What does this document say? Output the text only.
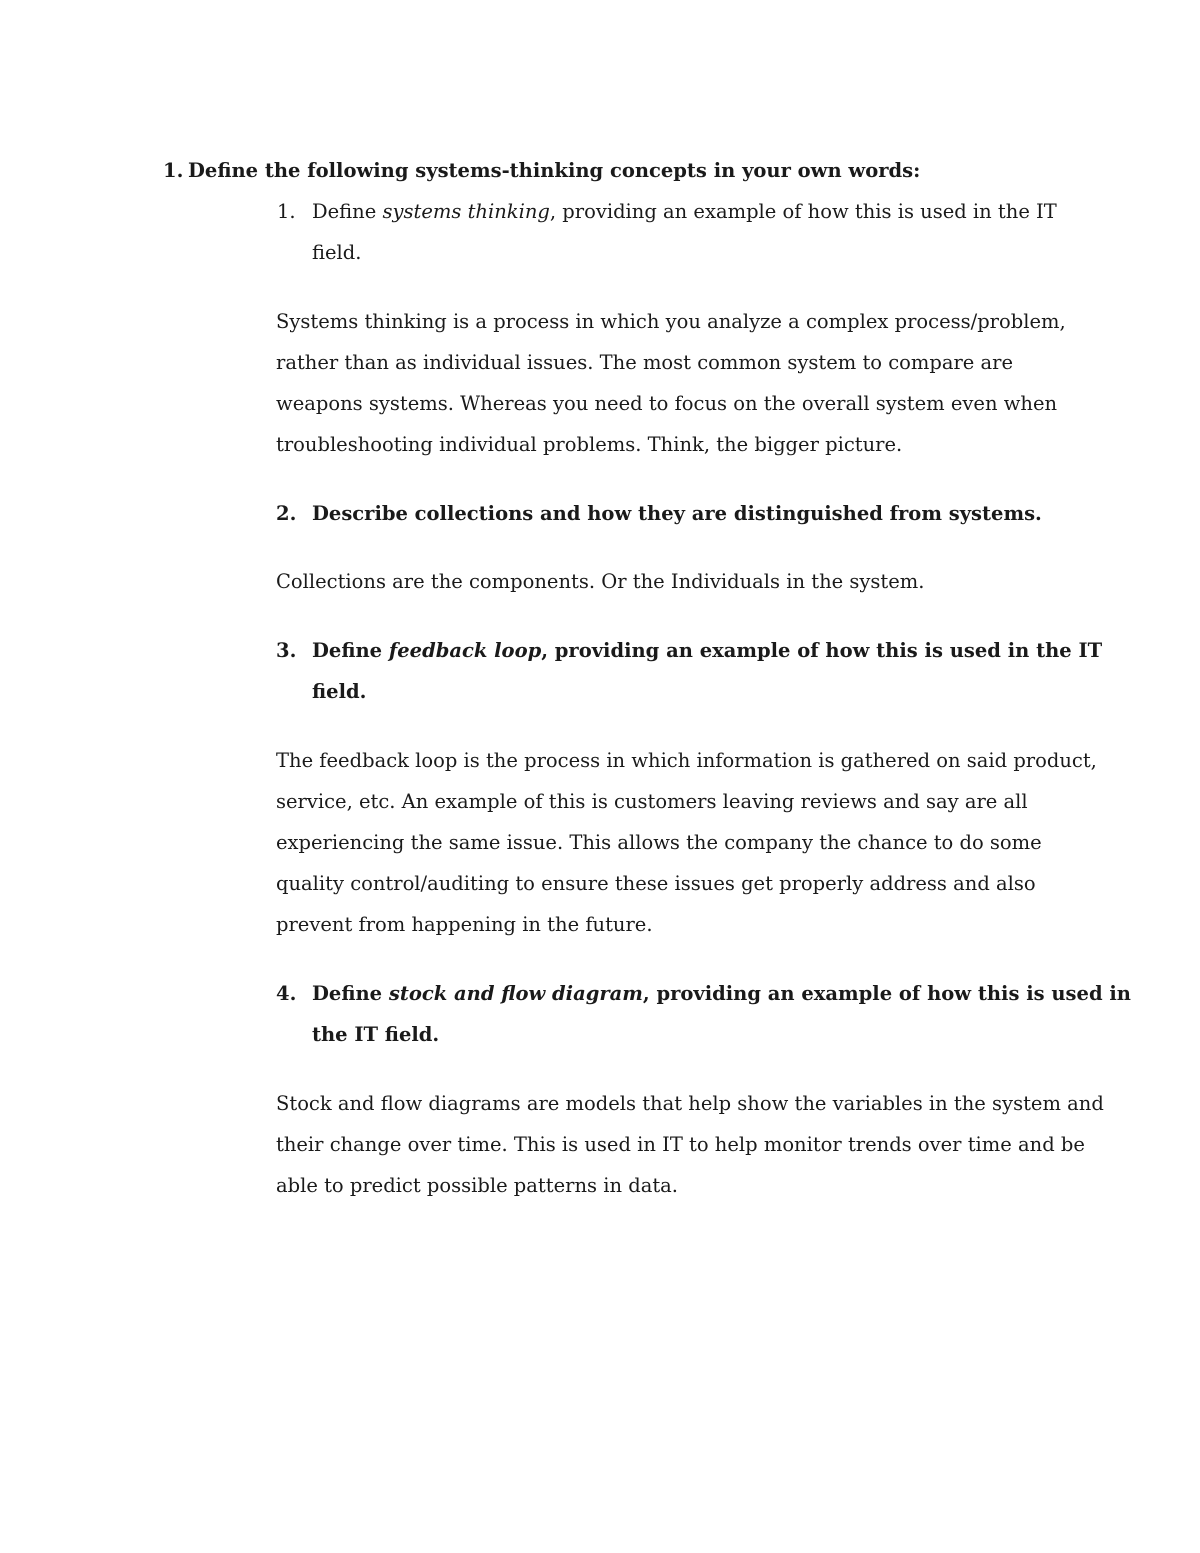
1. Define the following systems-thinking concepts in your own words:
1. Define systems thinking, providing an example of how this is used in the IT
field.
Systems thinking is a process in which you analyze a complex process/problem,
rather than as individual issues. The most common system to compare are
weapons systems. Whereas you need to focus on the overall system even when
troubleshooting individual problems. Think, the bigger picture.
2. Describe collections and how they are distinguished from systems.
Collections are the components. Or the Individuals in the system.
3. Define feedback loop, providing an example of how this is used in the IT
field.
The feedback loop is the process in which information is gathered on said product,
service, etc. An example of this is customers leaving reviews and say are all
experiencing the same issue. This allows the company the chance to do some
quality control/auditing to ensure these issues get properly address and also
prevent from happening in the future.
4. Define stock and flow diagram, providing an example of how this is used in
the IT field.
Stock and flow diagrams are models that help show the variables in the system and
their change over time. This is used in IT to help monitor trends over time and be
able to predict possible patterns in data.
